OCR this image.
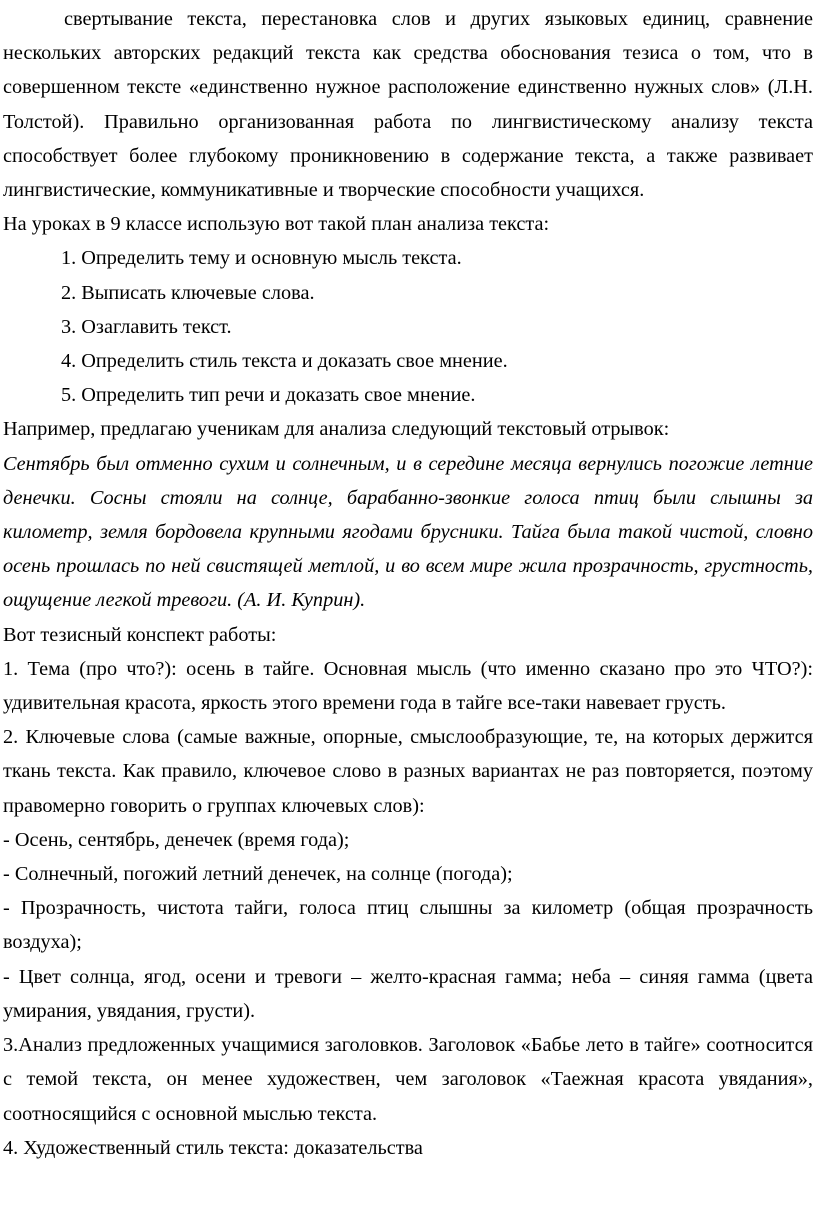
свертывание текста, перестановка слов и других языковых единиц, сравнение нескольких авторских редакций текста как средства обоснования тезиса о том, что в совершенном тексте «единственно нужное расположение единственно нужных слов» (Л.Н. Толстой). Правильно организованная работа по лингвистическому анализу текста способствует более глубокому проникновению в содержание текста, а также развивает лингвистические, коммуникативные и творческие способности учащихся.

На уроках в 9 классе использую вот такой план анализа текста:

1. Определить тему и основную мысль текста.

2. Выписать ключевые слова.

3. Озаглавить текст.

4. Определить стиль текста и доказать свое мнение.

5. Определить тип речи и доказать свое мнение.

Например, предлагаю ученикам для анализа следующий текстовый отрывок:

Сентябрь был отменно сухим и солнечным, и в середине месяца вернулись погожие летние денечки. Сосны стояли на солнце, барабанно-звонкие голоса птиц были слышны за километр, земля бордовела крупными ягодами брусники. Тайга была такой чистой, словно осень прошлась по ней свистящей метлой, и во всем мире жила прозрачность, грустность, ощущение легкой тревоги. (А. И. Куприн).

Вот тезисный конспект работы:

1. Тема (про что?): осень в тайге. Основная мысль (что именно сказано про это ЧТО?): удивительная красота, яркость этого времени года в тайге все-таки навевает грусть.

2. Ключевые слова (самые важные, опорные, смыслообразующие, те, на которых держится ткань текста. Как правило, ключевое слово в разных вариантах не раз повторяется, поэтому правомерно говорить о группах ключевых слов):

- Осень, сентябрь, денечек (время года);

- Солнечный, погожий летний денечек, на солнце (погода);

- Прозрачность, чистота тайги, голоса птиц слышны за километр (общая прозрачность воздуха);

- Цвет солнца, ягод, осени и тревоги – желто-красная гамма; неба – синяя гамма (цвета умирания, увядания, грусти).

3.Анализ предложенных учащимися заголовков. Заголовок «Бабье лето в тайге» соотносится с темой текста, он менее художествен, чем заголовок «Таежная красота увядания», соотносящийся с основной мыслью текста.

4. Художественный стиль текста: доказательства
